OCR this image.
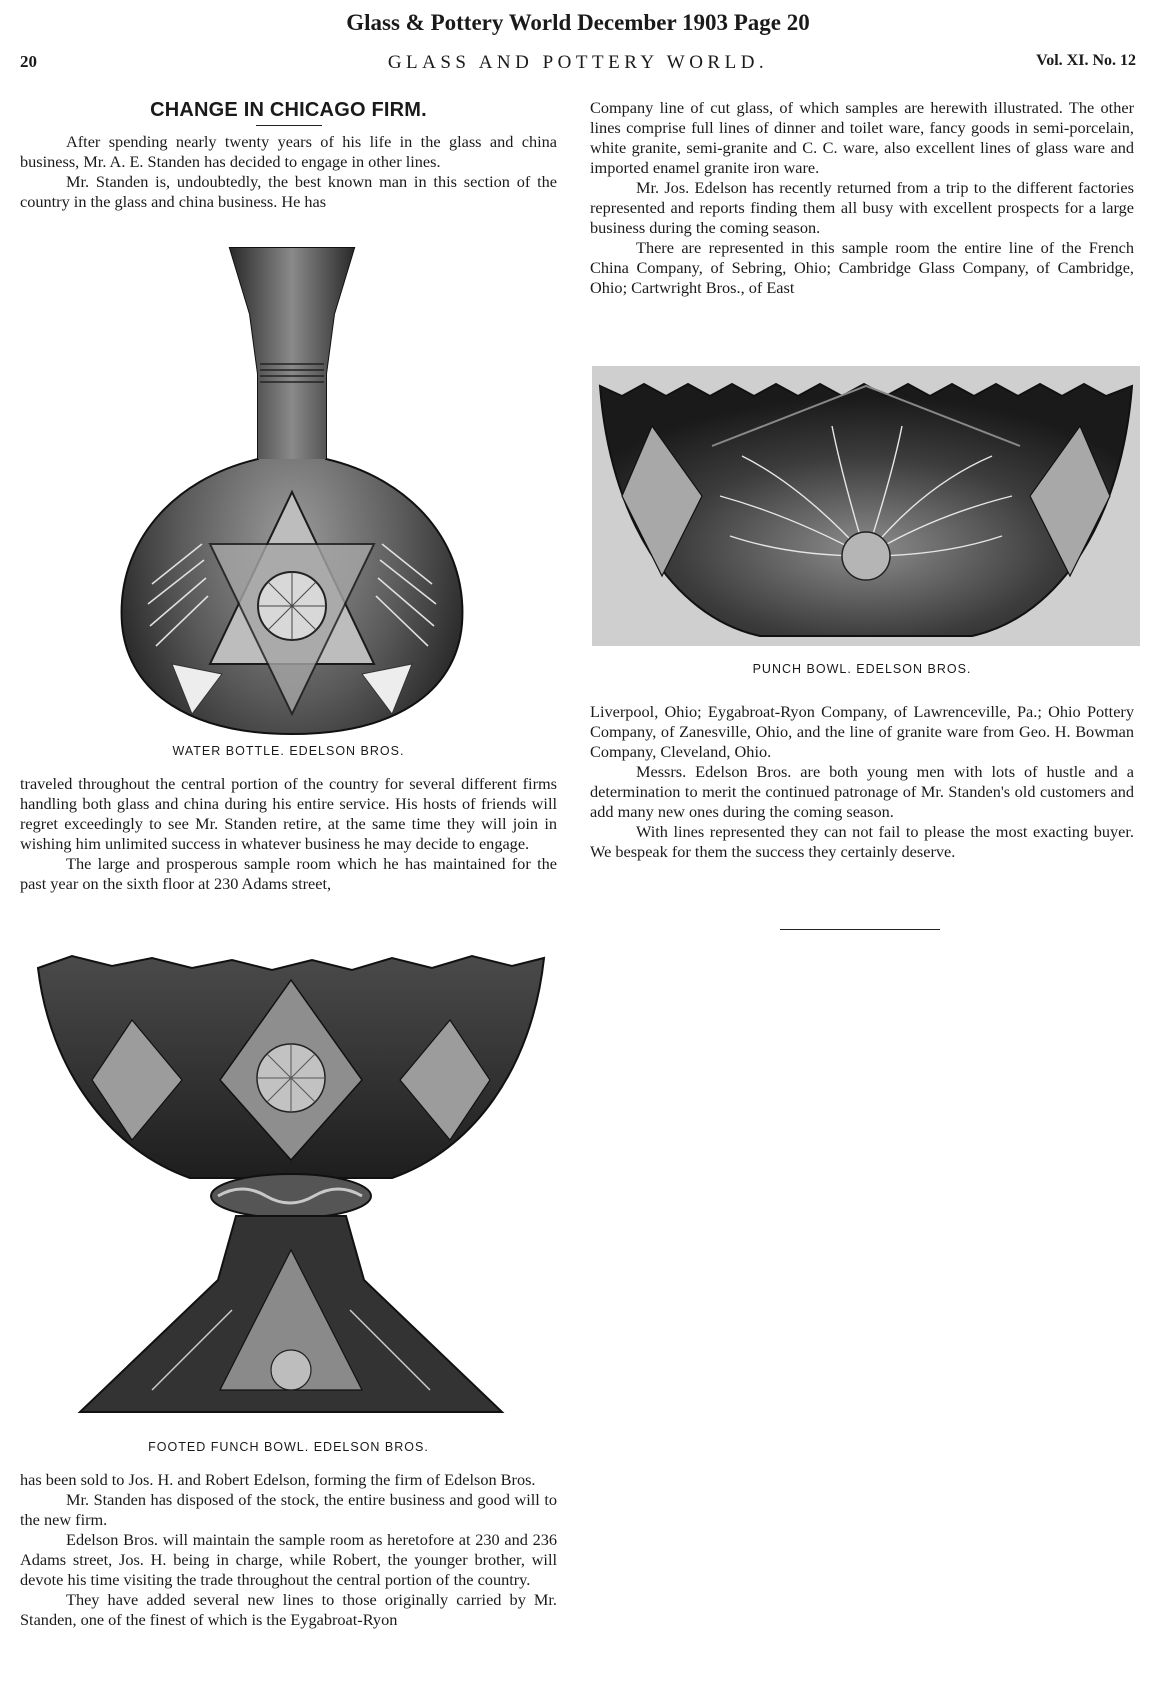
Glass & Pottery World December 1903 Page 20
20	GLASS AND POTTERY WORLD.	Vol. XI. No. 12
CHANGE IN CHICAGO FIRM.

After spending nearly twenty years of his life in the glass and china business, Mr. A. E. Standen has decided to engage in other lines.

Mr. Standen is, undoubtedly, the best known man in this section of the country in the glass and china business. He has

WATER BOTTLE. EDELSON BROS.

traveled throughout the central portion of the country for several different firms handling both glass and china during his entire service. His hosts of friends will regret exceedingly to see Mr. Standen retire, at the same time they will join in wishing him unlimited success in whatever business he may decide to engage.

The large and prosperous sample room which he has maintained for the past year on the sixth floor at 230 Adams street,

FOOTED FUNCH BOWL. EDELSON BROS.

has been sold to Jos. H. and Robert Edelson, forming the firm of Edelson Bros.

Mr. Standen has disposed of the stock, the entire business and good will to the new firm.

Edelson Bros. will maintain the sample room as heretofore at 230 and 236 Adams street, Jos. H. being in charge, while Robert, the younger brother, will devote his time visiting the trade throughout the central portion of the country.

They have added several new lines to those originally carried by Mr. Standen, one of the finest of which is the Eygabroat-Ryon

Company line of cut glass, of which samples are herewith illustrated. The other lines comprise full lines of dinner and toilet ware, fancy goods in semi-porcelain, white granite, semi-granite and C. C. ware, also excellent lines of glass ware and imported enamel granite iron ware.

Mr. Jos. Edelson has recently returned from a trip to the different factories represented and reports finding them all busy with excellent prospects for a large business during the coming season.

There are represented in this sample room the entire line of the French China Company, of Sebring, Ohio; Cambridge Glass Company, of Cambridge, Ohio; Cartwright Bros., of East

PUNCH BOWL. EDELSON BROS.

Liverpool, Ohio; Eygabroat-Ryon Company, of Lawrenceville, Pa.; Ohio Pottery Company, of Zanesville, Ohio, and the line of granite ware from Geo. H. Bowman Company, Cleveland, Ohio.

Messrs. Edelson Bros. are both young men with lots of hustle and a determination to merit the continued patronage of Mr. Standen's old customers and add many new ones during the coming season.

With lines represented they can not fail to please the most exacting buyer. We bespeak for them the success they certainly deserve.
